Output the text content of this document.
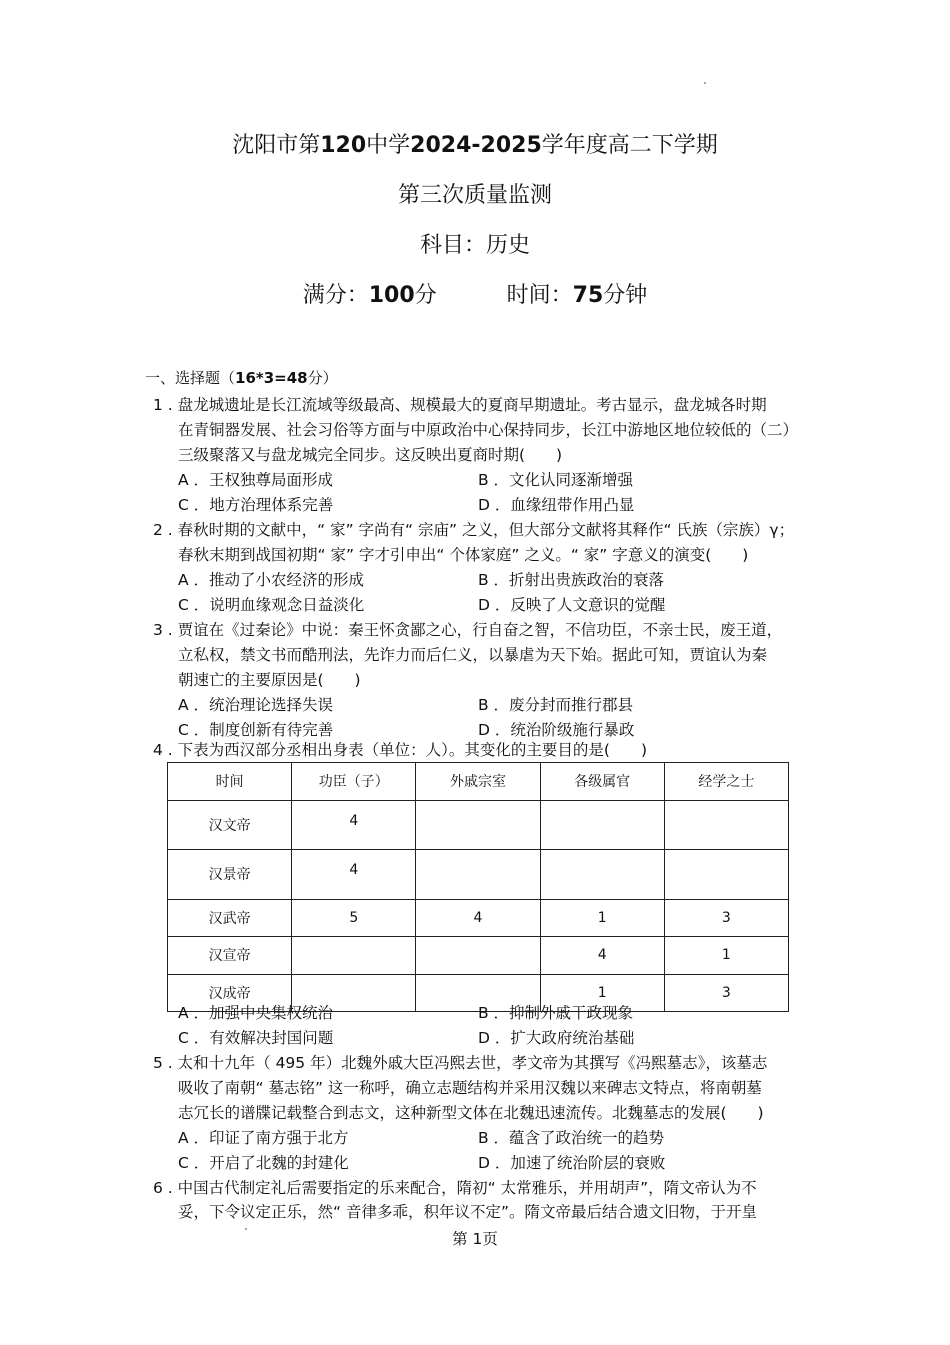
沈阳市第120中学2024-2025学年度高二下学期
第三次质量监测
科目：历史
满分：100分	时间：75分钟
一、选择题（16*3=48分）
1 . 盘龙城遗址是长江流域等级最高、规模最大的夏商早期遗址。考古显示，盘龙城各时期
在青铜器发展、社会习俗等方面与中原政治中心保持同步，长江中游地区地位较低的（二）
三级聚落又与盘龙城完全同步。这反映出夏商时期(　　)
A ．王权独尊局面形成	B ．文化认同逐渐增强
C ．地方治理体系完善	D ．血缘纽带作用凸显
2 . 春秋时期的文献中，“ 家” 字尚有“ 宗庙” 之义，但大部分文献将其释作“ 氏族（宗族）γ；
春秋末期到战国初期“ 家” 字才引申出“ 个体家庭” 之义。“ 家” 字意义的演变(　　)
A ．推动了小农经济的形成	B ．折射出贵族政治的衰落
C ．说明血缘观念日益淡化	D ．反映了人文意识的觉醒
3 . 贾谊在《过秦论》中说：秦王怀贪鄙之心，行自奋之智，不信功臣，不亲士民，废王道，
立私权，禁文书而酷刑法，先诈力而后仁义，以暴虐为天下始。据此可知，贾谊认为秦
朝速亡的主要原因是(　　)
A ．统治理论选择失误	B ．废分封而推行郡县
C ．制度创新有待完善	D ．统治阶级施行暴政
4 . 下表为西汉部分丞相出身表（单位：人）。其变化的主要目的是(　　)
时间	功臣（子）	外戚宗室	各级属官	经学之士
汉文帝	4			
汉景帝	4			
汉武帝	5	4	1	3
汉宣帝			4	1
汉成帝			1	3
A ．加强中央集权统治	B ．抑制外戚干政现象
C ．有效解决封国问题	D ．扩大政府统治基础
5 . 太和十九年（ 495 年）北魏外戚大臣冯熙去世，孝文帝为其撰写《冯熙墓志》，该墓志
吸收了南朝“ 墓志铭” 这一称呼，确立志题结构并采用汉魏以来碑志文特点，将南朝墓
志冗长的谱牒记载整合到志文，这种新型文体在北魏迅速流传。北魏墓志的发展(　　)
A ．印证了南方强于北方	B ．蕴含了政治统一的趋势
C ．开启了北魏的封建化	D ．加速了统治阶层的衰败
6 . 中国古代制定礼后需要指定的乐来配合，隋初“ 太常雅乐，并用胡声”，隋文帝认为不
妥，下令议定正乐，然“ 音律多乖，积年议不定”。隋文帝最后结合遗文旧物，于开皇
第 1页
